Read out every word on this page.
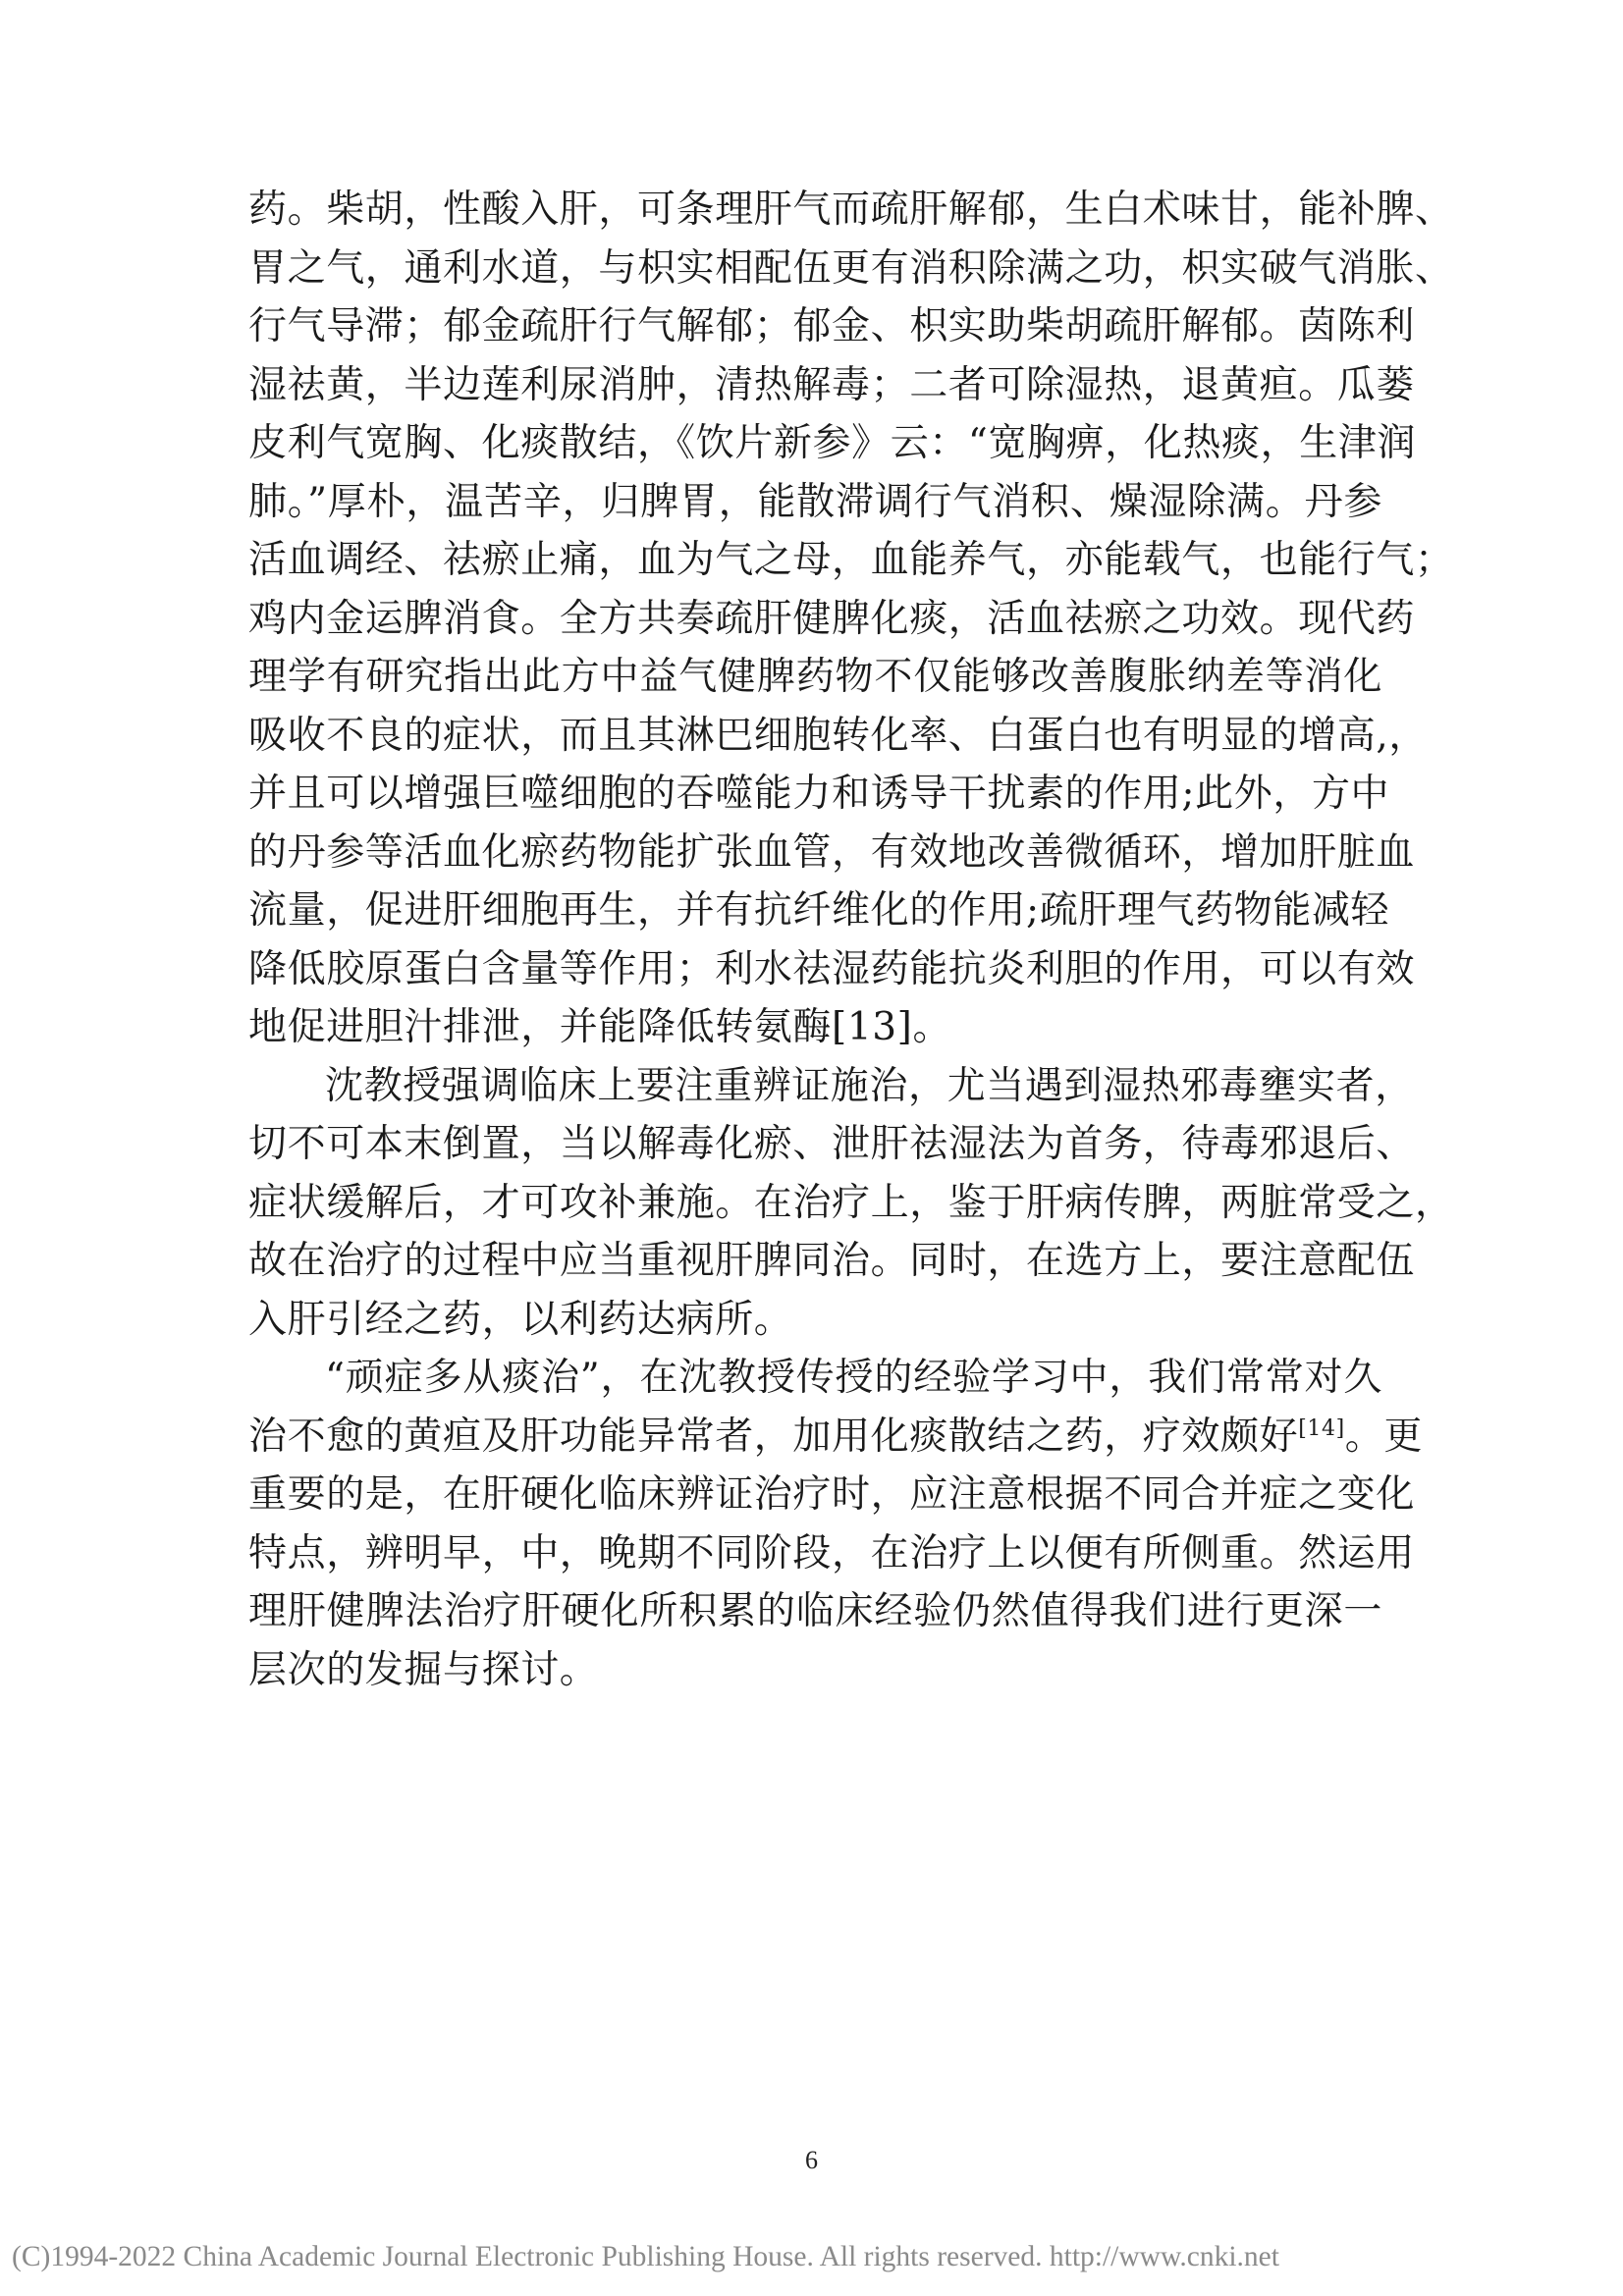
药。柴胡，性酸入肝，可条理肝气而疏肝解郁，生白术味甘，能补脾、
胃之气，通利水道，与枳实相配伍更有消积除满之功，枳实破气消胀、
行气导滞；郁金疏肝行气解郁；郁金、枳实助柴胡疏肝解郁。茵陈利
湿祛黄，半边莲利尿消肿，清热解毒；二者可除湿热，退黄疸。瓜蒌
皮利气宽胸、化痰散结，《饮片新参》云：“宽胸痹，化热痰，生津润
肺。”厚朴，温苦辛，归脾胃，能散滞调行气消积、燥湿除满。丹参
活血调经、祛瘀止痛，血为气之母，血能养气，亦能载气，也能行气；
鸡内金运脾消食。全方共奏疏肝健脾化痰，活血祛瘀之功效。现代药
理学有研究指出此方中益气健脾药物不仅能够改善腹胀纳差等消化
吸收不良的症状，而且其淋巴细胞转化率、白蛋白也有明显的增高,，
并且可以增强巨噬细胞的吞噬能力和诱导干扰素的作用;此外，方中
的丹参等活血化瘀药物能扩张血管，有效地改善微循环，增加肝脏血
流量，促进肝细胞再生，并有抗纤维化的作用;疏肝理气药物能减轻
降低胶原蛋白含量等作用；利水祛湿药能抗炎利胆的作用，可以有效
地促进胆汁排泄，并能降低转氨酶[13]。
沈教授强调临床上要注重辨证施治，尤当遇到湿热邪毒壅实者，
切不可本末倒置，当以解毒化瘀、泄肝祛湿法为首务，待毒邪退后、
症状缓解后，才可攻补兼施。在治疗上，鉴于肝病传脾，两脏常受之，
故在治疗的过程中应当重视肝脾同治。同时，在选方上，要注意配伍
入肝引经之药，以利药达病所。
“顽症多从痰治”，在沈教授传授的经验学习中，我们常常对久
治不愈的黄疸及肝功能异常者，加用化痰散结之药，疗效颇好[14]。更
重要的是，在肝硬化临床辨证治疗时，应注意根据不同合并症之变化
特点，辨明早，中，晚期不同阶段，在治疗上以便有所侧重。然运用
理肝健脾法治疗肝硬化所积累的临床经验仍然值得我们进行更深一
层次的发掘与探讨。
6
(C)1994-2022 China Academic Journal Electronic Publishing House. All rights reserved. http://www.cnki.net
